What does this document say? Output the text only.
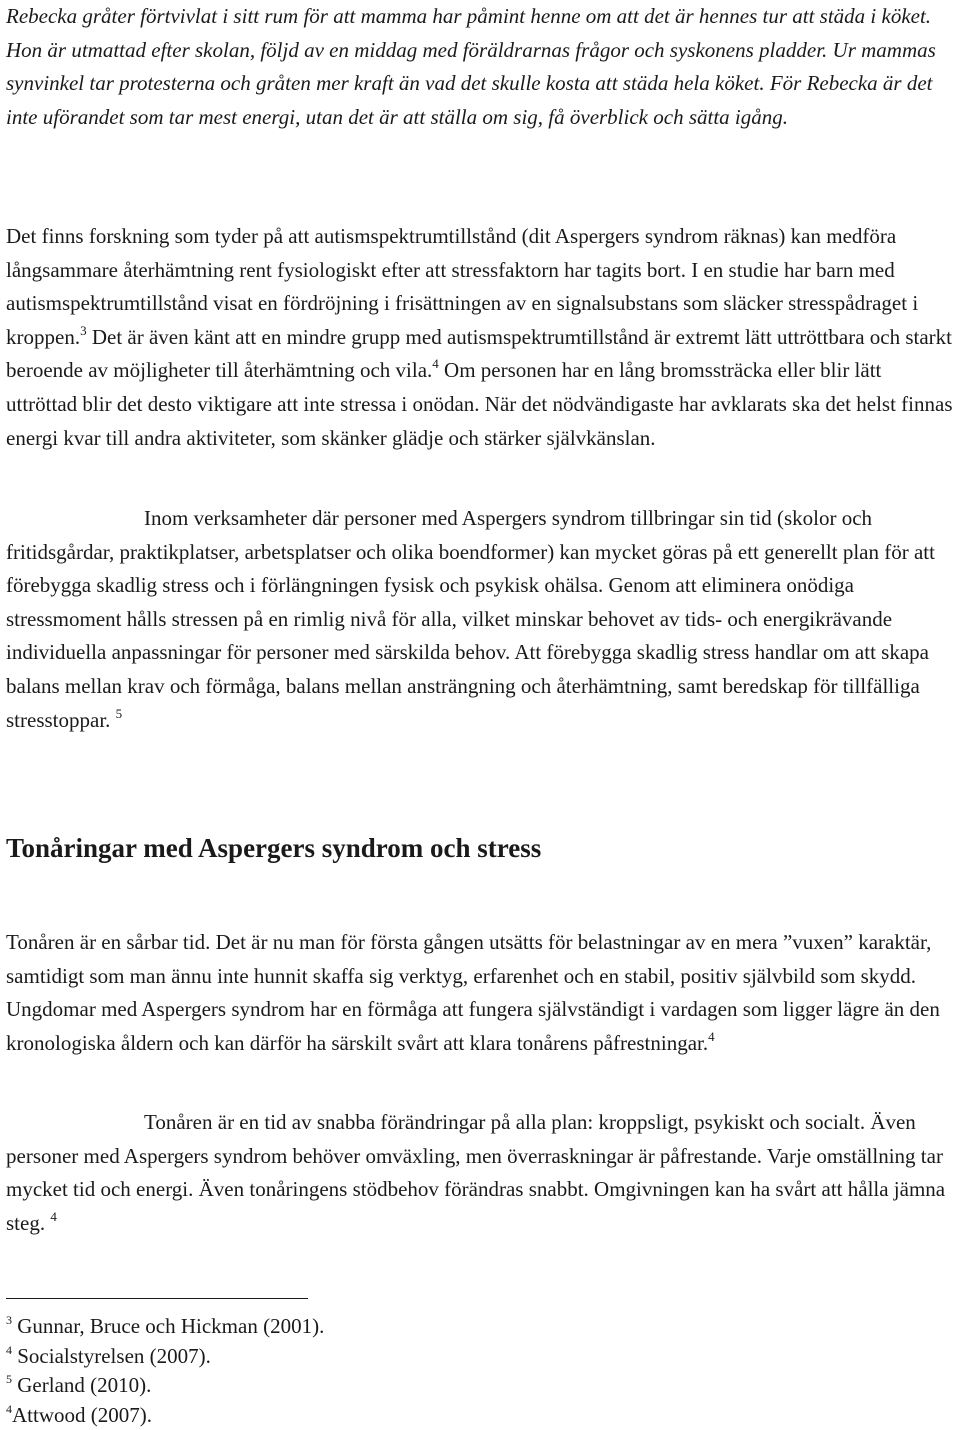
Rebecka gråter förtvivlat i sitt rum för att mamma har påmint henne om att det är hennes tur att städa i köket. Hon är utmattad efter skolan, följd av en middag med föräldrarnas frågor och syskonens pladder. Ur mammas synvinkel tar protesterna och gråten mer kraft än vad det skulle kosta att städa hela köket. För Rebecka är det inte uförandet som tar mest energi, utan det är att ställa om sig, få överblick och sätta igång.

Det finns forskning som tyder på att autismspektrumtillstånd (dit Aspergers syndrom räknas) kan medföra långsammare återhämtning rent fysiologiskt efter att stressfaktorn har tagits bort. I en studie har barn med autismspektrumtillstånd visat en fördröjning i frisättningen av en signalsubstans som släcker stresspådraget i kroppen.$^3$ Det är även känt att en mindre grupp med autismspektrumtillstånd är extremt lätt uttröttbara och starkt beroende av möjligheter till återhämtning och vila.$^4$ Om personen har en lång bromssträcka eller blir lätt uttröttad blir det desto viktigare att inte stressa i onödan. När det nödvändigaste har avklarats ska det helst finnas energi kvar till andra aktiviteter, som skänker glädje och stärker självkänslan.

Inom verksamheter där personer med Aspergers syndrom tillbringar sin tid (skolor och fritidsgårdar, praktikplatser, arbetsplatser och olika boendformer) kan mycket göras på ett generellt plan för att förebygga skadlig stress och i förlängningen fysisk och psykisk ohälsa. Genom att eliminera onödiga stressmoment hålls stressen på en rimlig nivå för alla, vilket minskar behovet av tids- och energikrävande individuella anpassningar för personer med särskilda behov. Att förebygga skadlig stress handlar om att skapa balans mellan krav och förmåga, balans mellan ansträngning och återhämtning, samt beredskap för tillfälliga stresstoppar. $^5$

Tonåringar med Aspergers syndrom och stress

Tonåren är en sårbar tid. Det är nu man för första gången utsätts för belastningar av en mera ”vuxen” karaktär, samtidigt som man ännu inte hunnit skaffa sig verktyg, erfarenhet och en stabil, positiv självbild som skydd. Ungdomar med Aspergers syndrom har en förmåga att fungera självständigt i vardagen som ligger lägre än den kronologiska åldern och kan därför ha särskilt svårt att klara tonårens påfrestningar.$^4$

Tonåren är en tid av snabba förändringar på alla plan: kroppsligt, psykiskt och socialt. Även personer med Aspergers syndrom behöver omväxling, men överraskningar är påfrestande. Varje omställning tar mycket tid och energi. Även tonåringens stödbehov förändras snabbt. Omgivningen kan ha svårt att hålla jämna steg. $^4$

$^3$ Gunnar, Bruce och Hickman (2001).
$^4$ Socialstyrelsen (2007).
$^5$ Gerland (2010).
$^4$Attwood (2007).
